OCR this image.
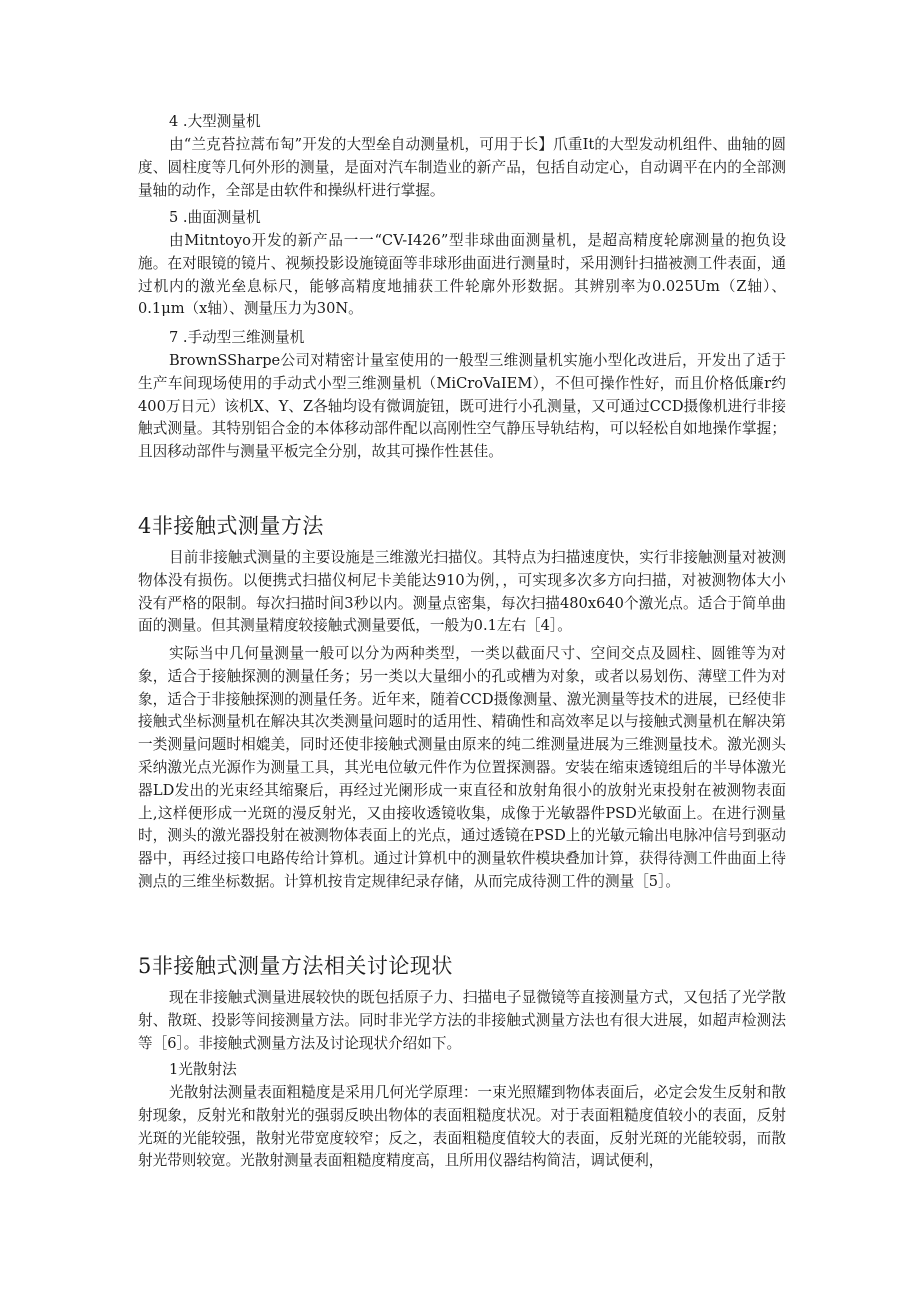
4 .大型测量机

由“兰克苔拉蒿布匋”开发的大型垒自动测量机，可用于长】爪重It的大型发动机组件、曲轴的圆度、圆柱度等几何外形的测量，是面对汽车制造业的新产品，包括自动定心，自动调平在内的全部测量轴的动作，全部是由软件和操纵杆进行掌握。

5 .曲面测量机

由Mitntoyo开发的新产品一一“CV-I426”型非球曲面测量机，是超高精度轮廓测量的抱负设施。在对眼镜的镜片、视频投影设施镜面等非球形曲面进行测量时，采用测针扫描被测工件表面，通过机内的激光垒息标尺，能够高精度地捕获工件轮廓外形数据。其辨别率为0.025Um（Z轴）、0.1μm（x轴）、测量压力为30N。

7 .手动型三维测量机

BrownSSharpe公司对精密计量室使用的一般型三维测量机实施小型化改进后，开发出了适于生产车间现场使用的手动式小型三维测量机（MiCroVaIEM），不但可操作性好，而且价格低廉r约400万日元）该机X、Y、Z各轴均设有微调旋钮，既可进行小孔测量，又可通过CCD摄像机进行非接触式测量。其特别铝合金的本体移动部件配以高刚性空气静压导轨结构，可以轻松自如地操作掌握；且因移动部件与测量平板完全分别，故其可操作性甚佳。

4非接触式测量方法

目前非接触式测量的主要设施是三维激光扫描仪。其特点为扫描速度快，实行非接触测量对被测物体没有损伤。以便携式扫描仪柯尼卡美能达910为例，，可实现多次多方向扫描，对被测物体大小没有严格的限制。每次扫描时间3秒以内。测量点密集，每次扫描480x640个激光点。适合于简单曲面的测量。但其测量精度较接触式测量要低，一般为0.1左右［4］。

实际当中几何量测量一般可以分为两种类型，一类以截面尺寸、空间交点及圆柱、圆锥等为对象，适合于接触探测的测量任务；另一类以大量细小的孔或槽为对象，或者以易划伤、薄壁工件为对象，适合于非接触探测的测量任务。近年来，随着CCD摄像测量、激光测量等技术的进展，已经使非接触式坐标测量机在解决其次类测量问题时的适用性、精确性和高效率足以与接触式测量机在解决第一类测量问题时相媲美，同时还使非接触式测量由原来的纯二维测量进展为三维测量技术。激光测头采纳激光点光源作为测量工具，其光电位敏元件作为位置探测器。安装在缩束透镜组后的半导体激光器LD发出的光束经其缩聚后，再经过光阑形成一束直径和放射角很小的放射光束投射在被测物表面上,这样便形成一光斑的漫反射光，又由接收透镜收集，成像于光敏器件PSD光敏面上。在进行测量时，测头的激光器投射在被测物体表面上的光点，通过透镜在PSD上的光敏元输出电脉冲信号到驱动器中，再经过接口电路传给计算机。通过计算机中的测量软件模块叠加计算，获得待测工件曲面上待测点的三维坐标数据。计算机按肯定规律纪录存储，从而完成待测工件的测量［5］。

5非接触式测量方法相关讨论现状

现在非接触式测量进展较快的既包括原子力、扫描电子显微镜等直接测量方式，又包括了光学散射、散斑、投影等间接测量方法。同时非光学方法的非接触式测量方法也有很大进展，如超声检测法等［6］。非接触式测量方法及讨论现状介绍如下。

1光散射法

光散射法测量表面粗糙度是采用几何光学原理：一束光照耀到物体表面后，必定会发生反射和散射现象，反射光和散射光的强弱反映出物体的表面粗糙度状况。对于表面粗糙度值较小的表面，反射光斑的光能较强，散射光带宽度较窄；反之，表面粗糙度值较大的表面，反射光斑的光能较弱，而散射光带则较宽。光散射测量表面粗糙度精度高，且所用仪器结构简洁，调试便利，
